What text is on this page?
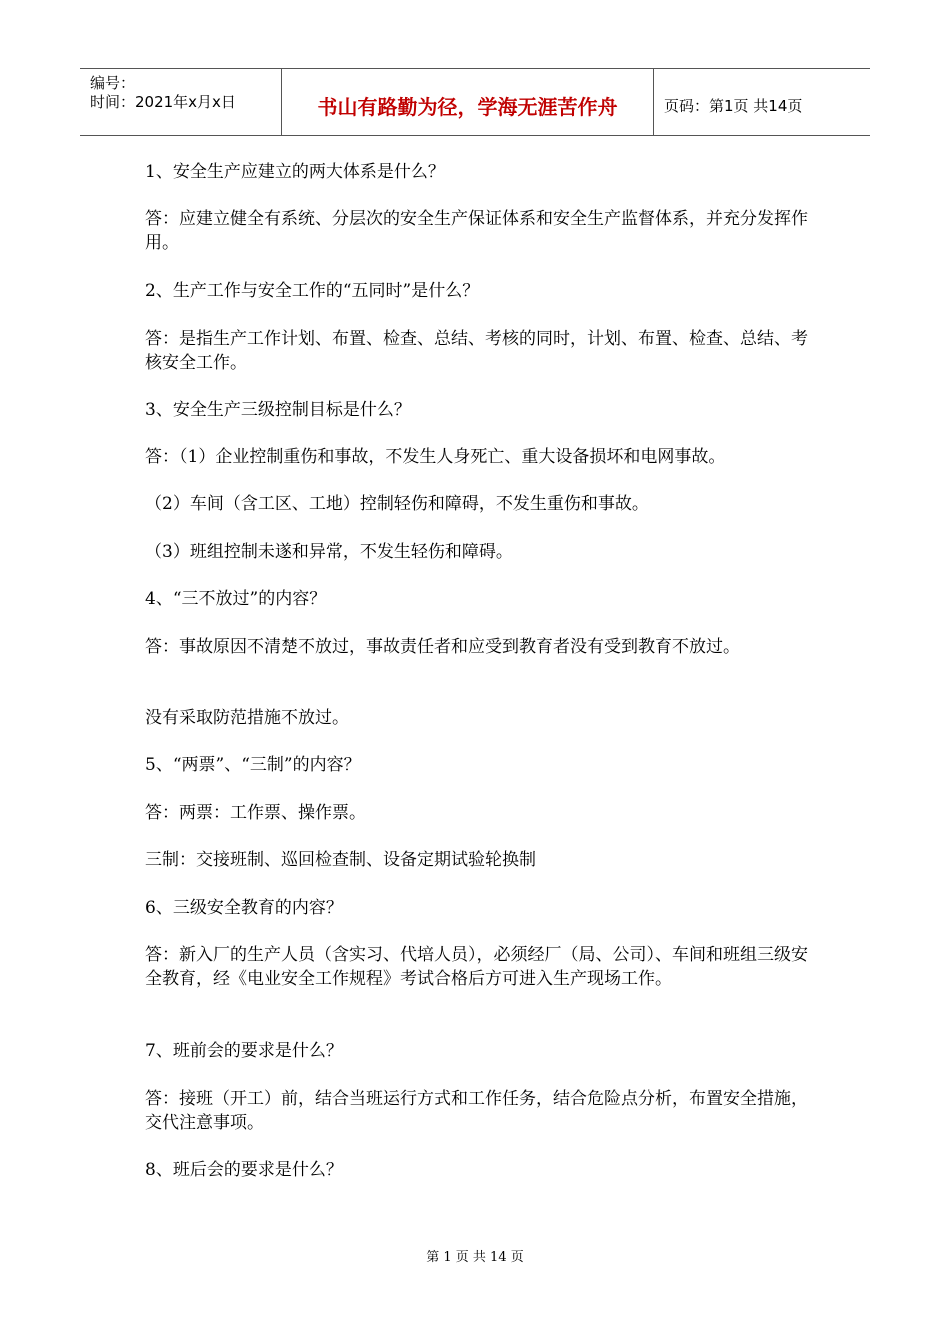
编号：
时间：2021年x月x日	书山有路勤为径，学海无涯苦作舟	页码：第1页 共14页
1、安全生产应建立的两大体系是什么？
答：应建立健全有系统、分层次的安全生产保证体系和安全生产监督体系，并充分发挥作用。
2、生产工作与安全工作的“五同时”是什么？
答：是指生产工作计划、布置、检查、总结、考核的同时，计划、布置、检查、总结、考核安全工作。
3、安全生产三级控制目标是什么？
答：（1）企业控制重伤和事故，不发生人身死亡、重大设备损坏和电网事故。
（2）车间（含工区、工地）控制轻伤和障碍，不发生重伤和事故。
（3）班组控制未遂和异常，不发生轻伤和障碍。
4、“三不放过”的内容？
答：事故原因不清楚不放过，事故责任者和应受到教育者没有受到教育不放过。
没有采取防范措施不放过。
5、“两票”、“三制”的内容？
答：两票：工作票、操作票。
三制：交接班制、巡回检查制、设备定期试验轮换制
6、三级安全教育的内容？
答：新入厂的生产人员（含实习、代培人员），必须经厂（局、公司）、车间和班组三级安全教育，经《电业安全工作规程》考试合格后方可进入生产现场工作。
7、班前会的要求是什么？
答：接班（开工）前，结合当班运行方式和工作任务，结合危险点分析，布置安全措施，交代注意事项。
8、班后会的要求是什么？
第 1 页 共 14 页
